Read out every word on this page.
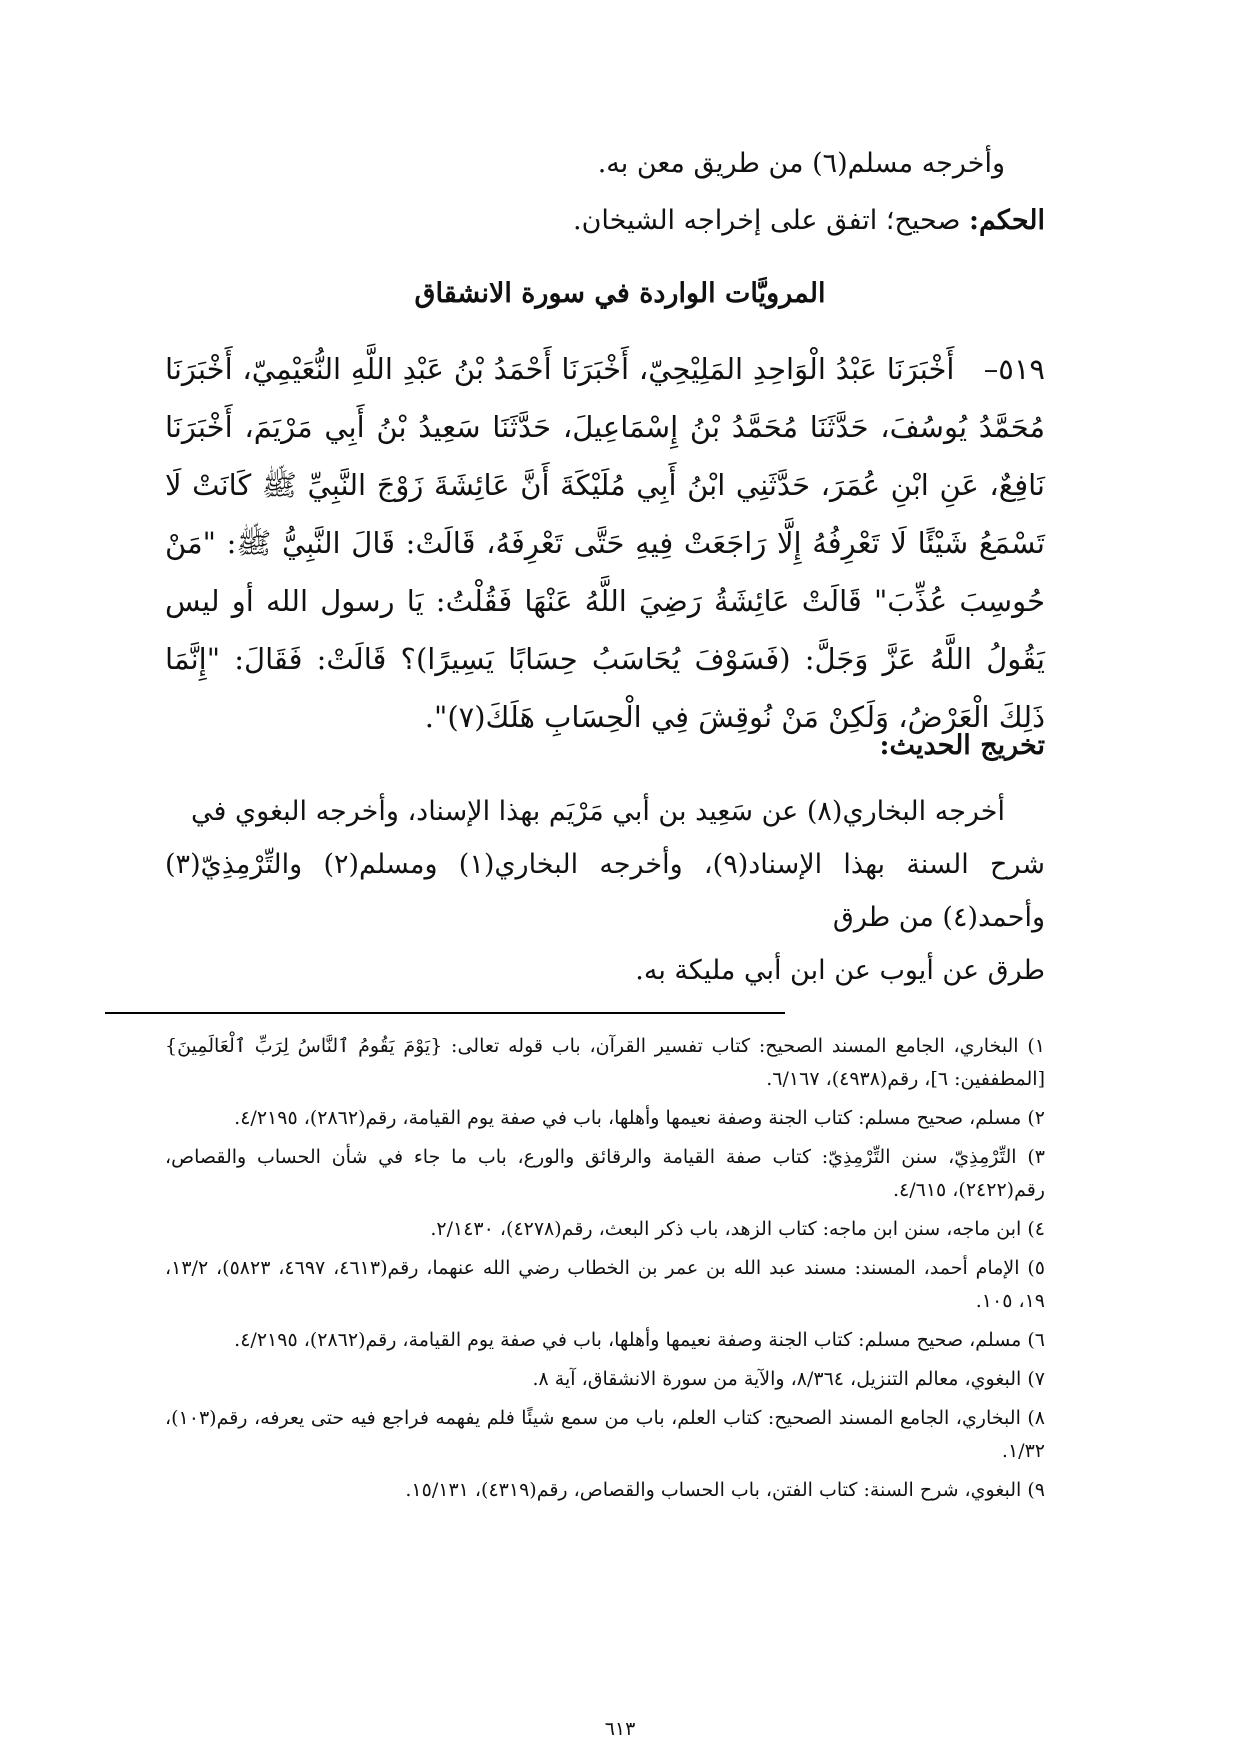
وأخرجه مسلم(٦) من طريق معن به.
الحكم: صحيح؛ اتفق على إخراجه الشيخان.
المرويَّات الواردة في سورة الانشقاق
٥١٩–   أَخْبَرَنَا عَبْدُ الْوَاحِدِ المَلِيْحِيّ، أَخْبَرَنَا أَحْمَدُ بْنُ عَبْدِ اللَّهِ النُّعَيْمِيّ، أَخْبَرَنَا مُحَمَّدُ يُوسُفَ، حَدَّثَنَا مُحَمَّدُ بْنُ إِسْمَاعِيلَ، حَدَّثَنَا سَعِيدُ بْنُ أَبِي مَرْيَمَ، أَخْبَرَنَا نَافِعٌ، عَنِ ابْنِ عُمَرَ، حَدَّثَنِي ابْنُ أَبِي مُلَيْكَةَ أَنَّ عَائِشَةَ زَوْجَ النَّبِيِّ ﷺ كَانَتْ لَا تَسْمَعُ شَيْئًا لَا تَعْرِفُهُ إِلَّا رَاجَعَتْ فِيهِ حَتَّى تَعْرِفَهُ، قَالَتْ: قَالَ النَّبِيُّ ﷺ: "مَنْ حُوسِبَ عُذِّبَ" قَالَتْ عَائِشَةُ رَضِيَ اللَّهُ عَنْهَا فَقُلْتُ: يَا رسول الله أو ليس يَقُولُ اللَّهُ عَزَّ وَجَلَّ: (فَسَوْفَ يُحَاسَبُ حِسَابًا يَسِيرًا)؟ قَالَتْ: فَقَالَ: "إِنَّمَا ذَلِكَ الْعَرْضُ، وَلَكِنْ مَنْ نُوقِشَ فِي الْحِسَابِ هَلَكَ(٧)".
تخريج الحديث:
أخرجه البخاري(٨) عن سَعِيد بن أبي مَرْيَم بهذا الإسناد، وأخرجه البغوي في
شرح السنة بهذا الإسناد(٩)، وأخرجه البخاري(١) ومسلم(٢) والتِّرْمِذِيّ(٣) وأحمد(٤) من طرق
طرق عن أيوب عن ابن أبي مليكة به.
١) البخاري، الجامع المسند الصحيح: كتاب تفسير القرآن، باب قوله تعالى: {يَوْمَ يَقُومُ ٱلنَّاسُ لِرَبِّ ٱلْعَالَمِينَ}[المطففين: ٦]، رقم(٤٩٣٨)، ٦/١٦٧.
٢) مسلم، صحيح مسلم: كتاب الجنة وصفة نعيمها وأهلها، باب في صفة يوم القيامة، رقم(٢٨٦٢)، ٤/٢١٩٥.
٣) التِّرْمِذِيّ، سنن التِّرْمِذِيّ: كتاب صفة القيامة والرقائق والورع، باب ما جاء في شأن الحساب والقصاص، رقم(٢٤٢٢)، ٤/٦١٥.
٤) ابن ماجه، سنن ابن ماجه: كتاب الزهد، باب ذكر البعث، رقم(٤٢٧٨)، ٢/١٤٣٠.
٥) الإمام أحمد، المسند: مسند عبد الله بن عمر بن الخطاب رضي الله عنهما، رقم(٤٦١٣، ٤٦٩٧، ٥٨٢٣)، ١٣/٢، ١٩، ١٠٥.
٦) مسلم، صحيح مسلم: كتاب الجنة وصفة نعيمها وأهلها، باب في صفة يوم القيامة، رقم(٢٨٦٢)، ٤/٢١٩٥.
٧) البغوي، معالم التنزيل، ٨/٣٦٤، والآية من سورة الانشقاق، آية ٨.
٨) البخاري، الجامع المسند الصحيح: كتاب العلم، باب من سمع شيئًا فلم يفهمه فراجع فيه حتى يعرفه، رقم(١٠٣)، ١/٣٢.
٩) البغوي، شرح السنة: كتاب الفتن، باب الحساب والقصاص، رقم(٤٣١٩)، ١٥/١٣١.
٦١٣
